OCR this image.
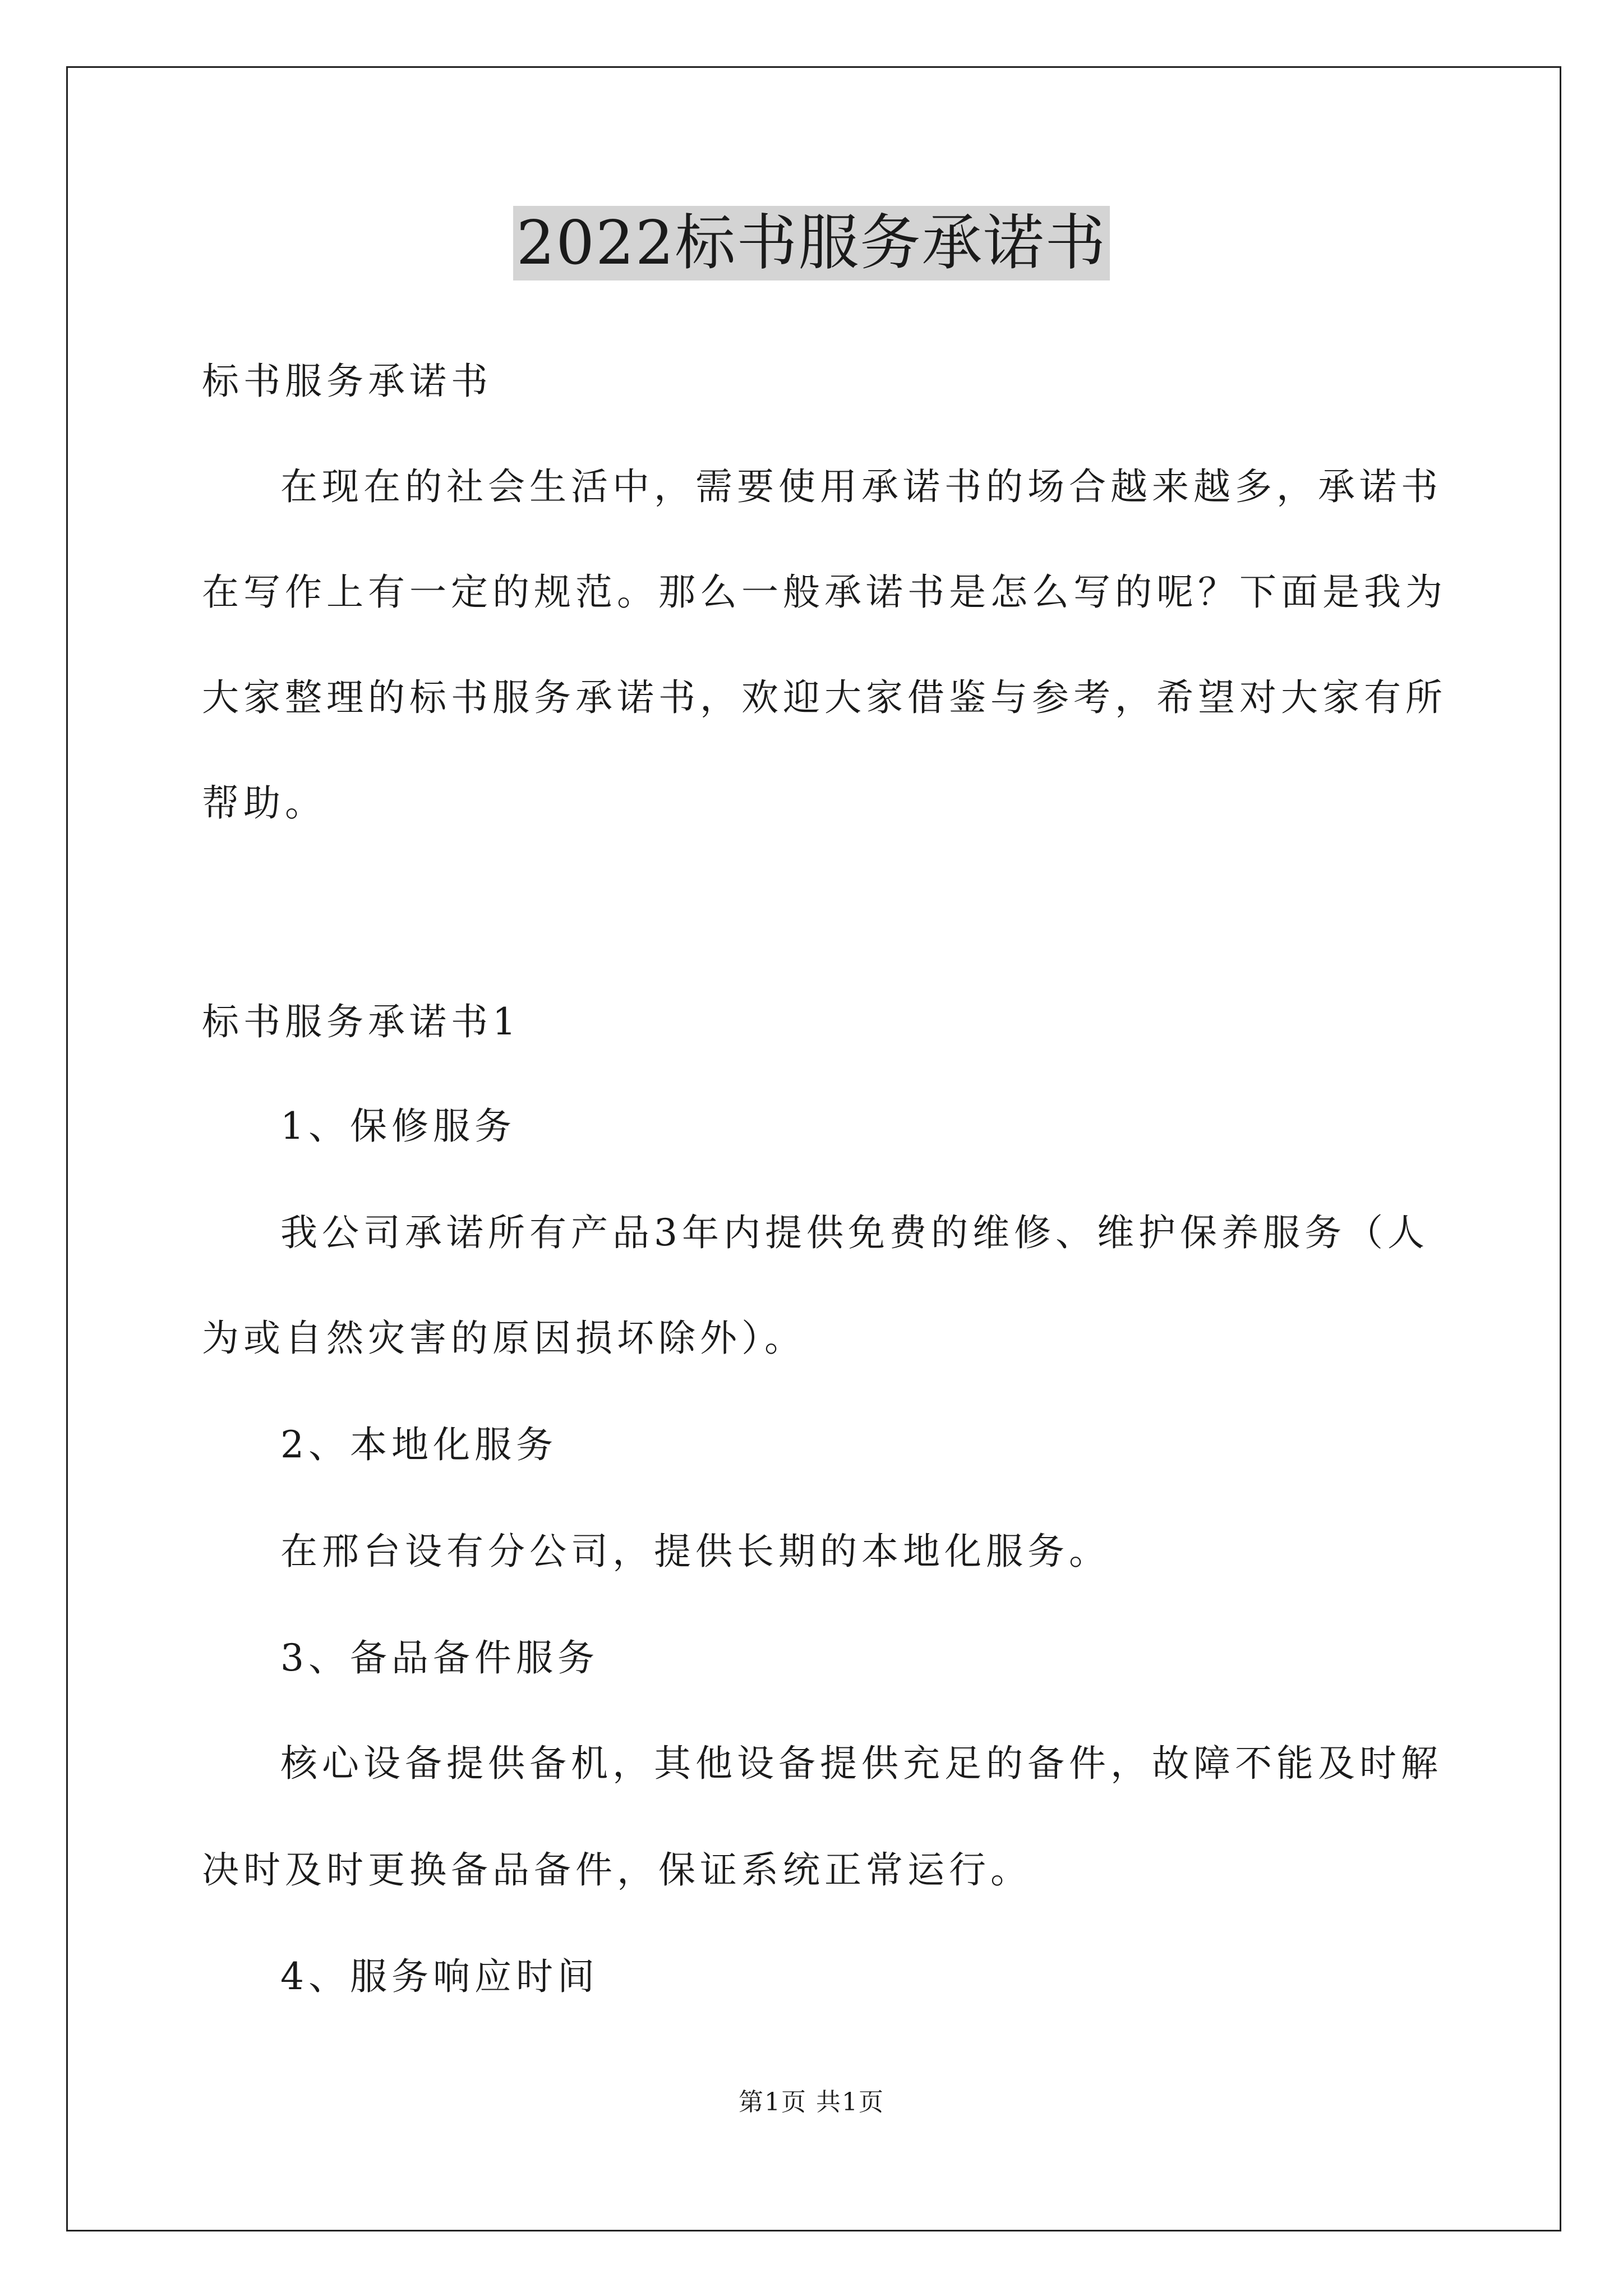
2022标书服务承诺书
标书服务承诺书
在现在的社会生活中，需要使用承诺书的场合越来越多，承诺书
在写作上有一定的规范。那么一般承诺书是怎么写的呢？下面是我为
大家整理的标书服务承诺书，欢迎大家借鉴与参考，希望对大家有所
帮助。
标书服务承诺书1
1、保修服务
我公司承诺所有产品3年内提供免费的维修、维护保养服务（人
为或自然灾害的原因损坏除外）。
2、本地化服务
在邢台设有分公司，提供长期的本地化服务。
3、备品备件服务
核心设备提供备机，其他设备提供充足的备件，故障不能及时解
决时及时更换备品备件，保证系统正常运行。
4、服务响应时间
第1页 共1页
